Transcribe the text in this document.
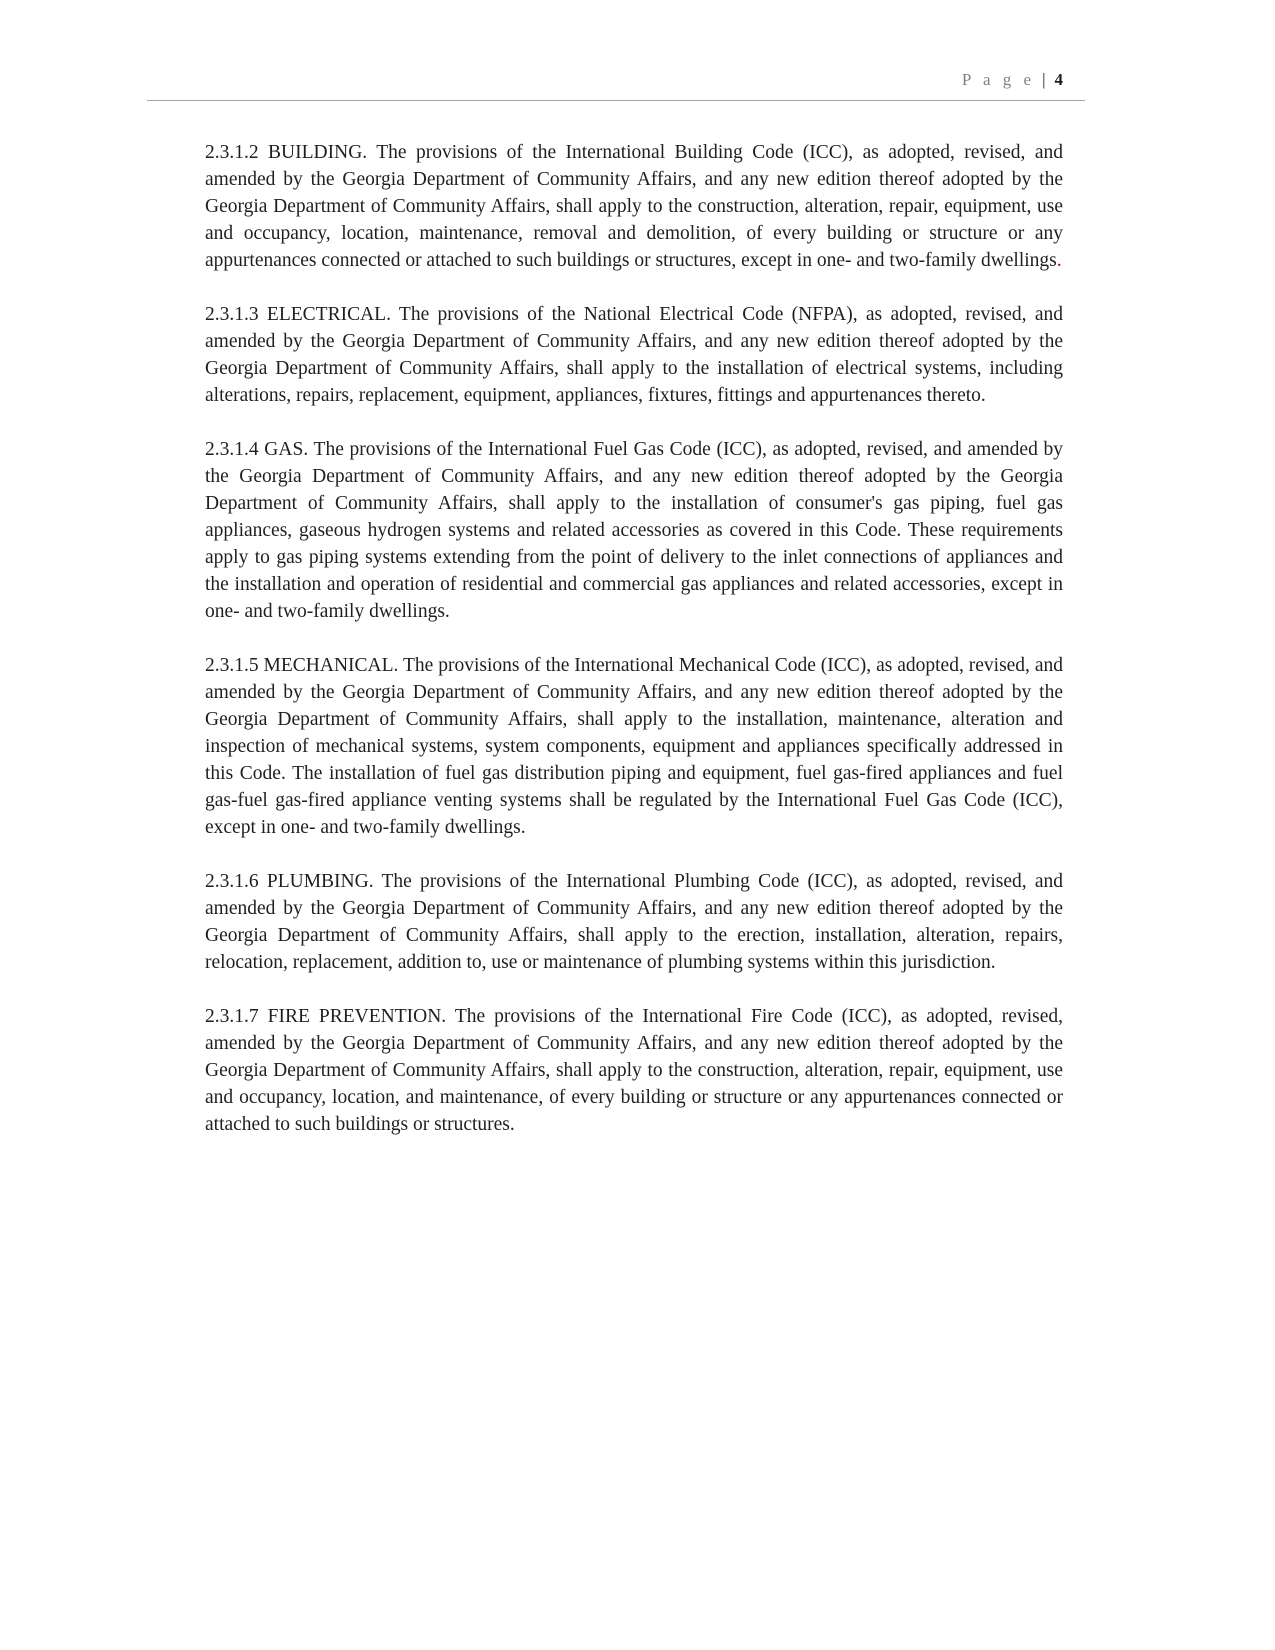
P a g e | 4

2.3.1.2 BUILDING. The provisions of the International Building Code (ICC), as adopted, revised, and amended by the Georgia Department of Community Affairs, and any new edition thereof adopted by the Georgia Department of Community Affairs, shall apply to the construction, alteration, repair, equipment, use and occupancy, location, maintenance, removal and demolition, of every building or structure or any appurtenances connected or attached to such buildings or structures, except in one- and two-family dwellings.

2.3.1.3 ELECTRICAL. The provisions of the National Electrical Code (NFPA), as adopted, revised, and amended by the Georgia Department of Community Affairs, and any new edition thereof adopted by the Georgia Department of Community Affairs, shall apply to the installation of electrical systems, including alterations, repairs, replacement, equipment, appliances, fixtures, fittings and appurtenances thereto.

2.3.1.4 GAS. The provisions of the International Fuel Gas Code (ICC), as adopted, revised, and amended by the Georgia Department of Community Affairs, and any new edition thereof adopted by the Georgia Department of Community Affairs, shall apply to the installation of consumer's gas piping, fuel gas appliances, gaseous hydrogen systems and related accessories as covered in this Code. These requirements apply to gas piping systems extending from the point of delivery to the inlet connections of appliances and the installation and operation of residential and commercial gas appliances and related accessories, except in one- and two-family dwellings.

2.3.1.5 MECHANICAL. The provisions of the International Mechanical Code (ICC), as adopted, revised, and amended by the Georgia Department of Community Affairs, and any new edition thereof adopted by the Georgia Department of Community Affairs, shall apply to the installation, maintenance, alteration and inspection of mechanical systems, system components, equipment and appliances specifically addressed in this Code. The installation of fuel gas distribution piping and equipment, fuel gas-fired appliances and fuel gas-fuel gas-fired appliance venting systems shall be regulated by the International Fuel Gas Code (ICC), except in one- and two-family dwellings.

2.3.1.6 PLUMBING. The provisions of the International Plumbing Code (ICC), as adopted, revised, and amended by the Georgia Department of Community Affairs, and any new edition thereof adopted by the Georgia Department of Community Affairs, shall apply to the erection, installation, alteration, repairs, relocation, replacement, addition to, use or maintenance of plumbing systems within this jurisdiction.

2.3.1.7 FIRE PREVENTION. The provisions of the International Fire Code (ICC), as adopted, revised, amended by the Georgia Department of Community Affairs, and any new edition thereof adopted by the Georgia Department of Community Affairs, shall apply to the construction, alteration, repair, equipment, use and occupancy, location, and maintenance, of every building or structure or any appurtenances connected or attached to such buildings or structures.
